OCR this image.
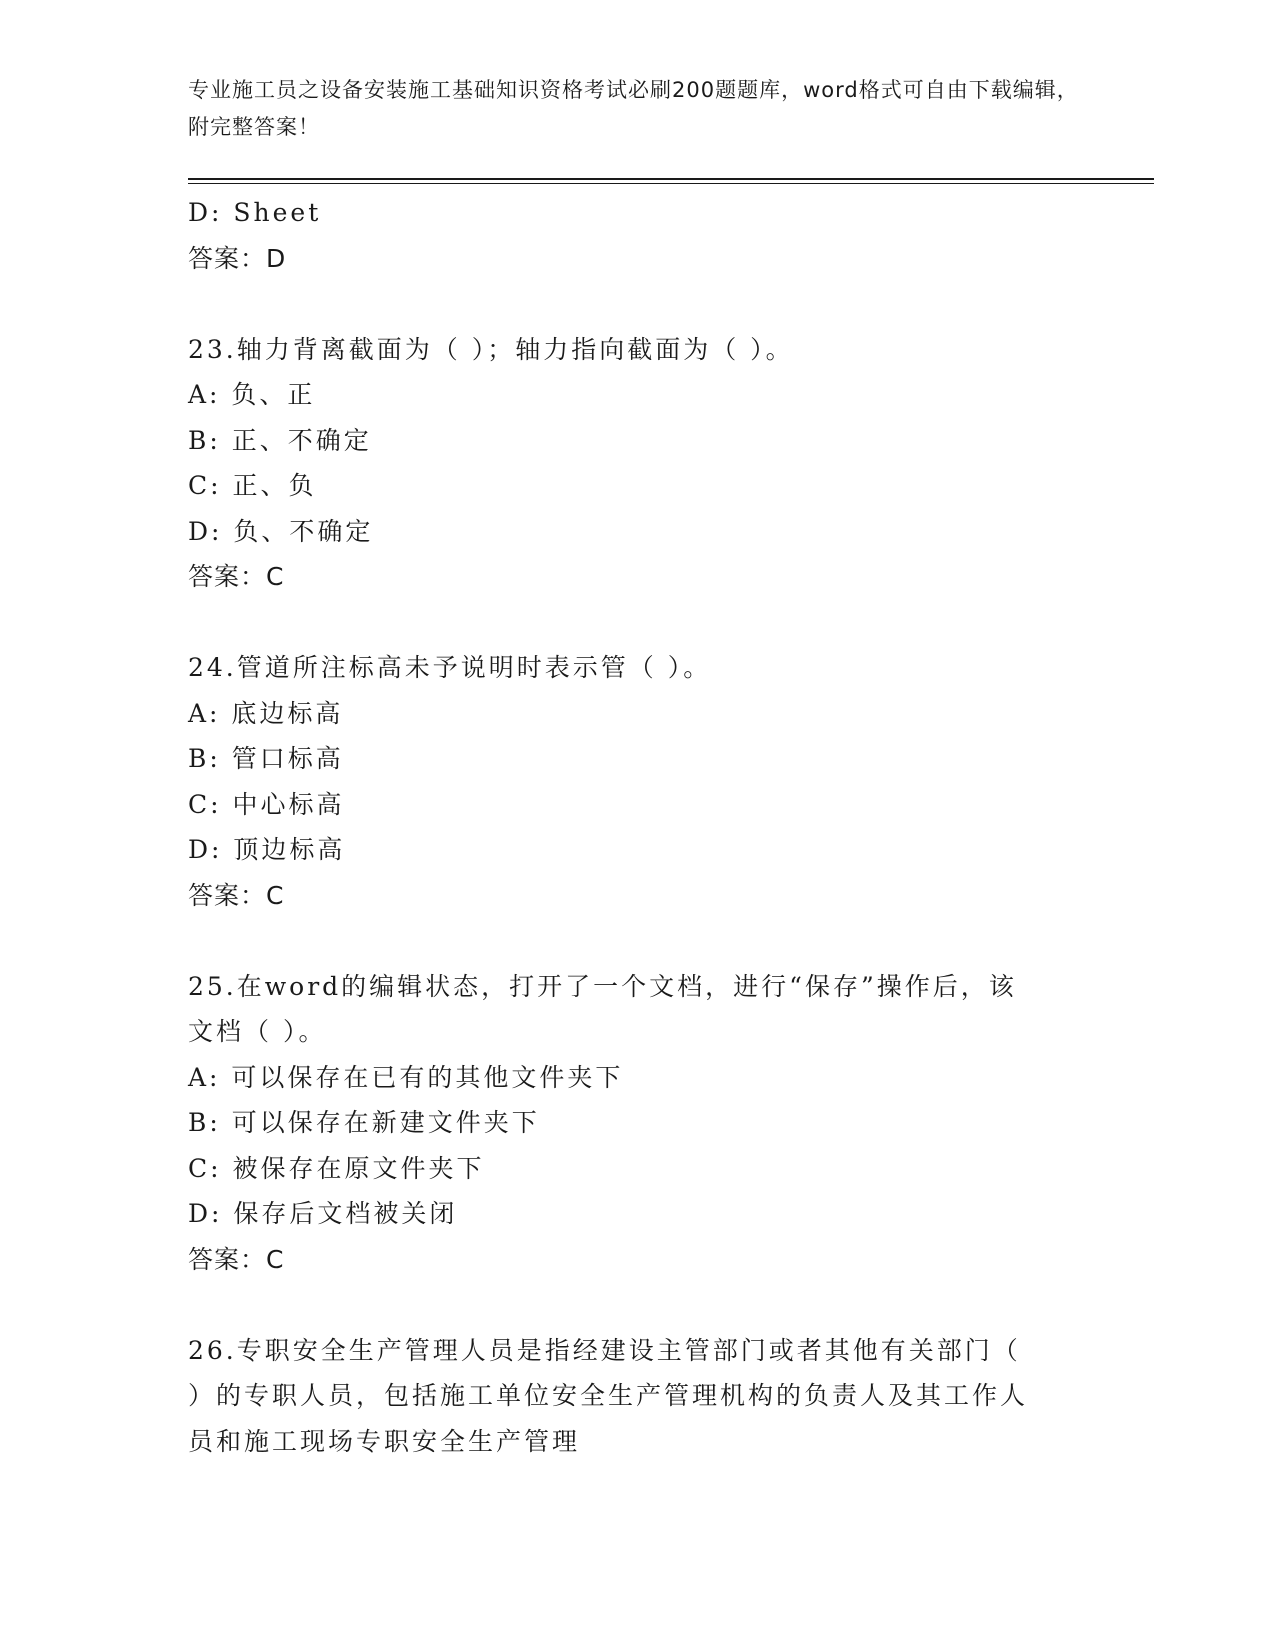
专业施工员之设备安装施工基础知识资格考试必刷200题题库，word格式可自由下载编辑，附完整答案！
D: Sheet
答案：D
23.轴力背离截面为（ ）；轴力指向截面为（ ）。
A: 负、正
B: 正、不确定
C: 正、负
D: 负、不确定
答案：C
24.管道所注标高未予说明时表示管（ ）。
A: 底边标高
B: 管口标高
C: 中心标高
D: 顶边标高
答案：C
25.在word的编辑状态，打开了一个文档，进行“保存”操作后，该
文档（ ）。
A: 可以保存在已有的其他文件夹下
B: 可以保存在新建文件夹下
C: 被保存在原文件夹下
D: 保存后文档被关闭
答案：C
26.专职安全生产管理人员是指经建设主管部门或者其他有关部门（
）的专职人员，包括施工单位安全生产管理机构的负责人及其工作人
员和施工现场专职安全生产管理
